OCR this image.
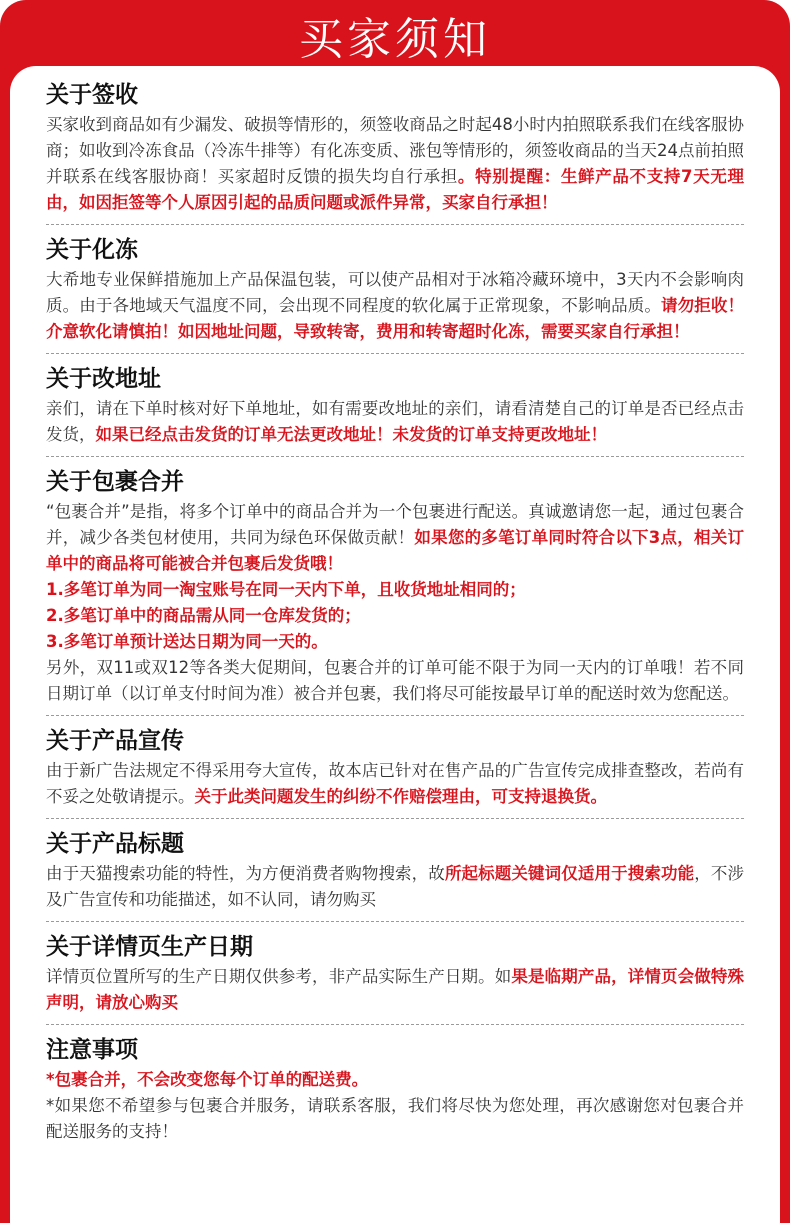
买家须知
关于签收

买家收到商品如有少漏发、破损等情形的，须签收商品之时起48小时内拍照联系我们在线客服协商；如收到冷冻食品（冷冻牛排等）有化冻变质、涨包等情形的，须签收商品的当天24点前拍照并联系在线客服协商！买家超时反馈的损失均自行承担。特别提醒：生鲜产品不支持7天无理由，如因拒签等个人原因引起的品质问题或派件异常，买家自行承担！

关于化冻

大希地专业保鲜措施加上产品保温包装，可以使产品相对于冰箱冷藏环境中，3天内不会影响肉质。由于各地域天气温度不同，会出现不同程度的软化属于正常现象，不影响品质。请勿拒收！介意软化请慎拍！如因地址问题，导致转寄，费用和转寄超时化冻，需要买家自行承担！

关于改地址

亲们，请在下单时核对好下单地址，如有需要改地址的亲们，请看清楚自己的订单是否已经点击发货，如果已经点击发货的订单无法更改地址！未发货的订单支持更改地址！

关于包裹合并

“包裹合并”是指，将多个订单中的商品合并为一个包裹进行配送。真诚邀请您一起，通过包裹合并，减少各类包材使用，共同为绿色环保做贡献！如果您的多笔订单同时符合以下3点，相关订单中的商品将可能被合并包裹后发货哦！

1.多笔订单为同一淘宝账号在同一天内下单，且收货地址相同的；

2.多笔订单中的商品需从同一仓库发货的；

3.多笔订单预计送达日期为同一天的。

另外，双11或双12等各类大促期间，包裹合并的订单可能不限于为同一天内的订单哦！若不同日期订单（以订单支付时间为准）被合并包裹，我们将尽可能按最早订单的配送时效为您配送。

关于产品宣传

由于新广告法规定不得采用夸大宣传，故本店已针对在售产品的广告宣传完成排查整改，若尚有不妥之处敬请提示。关于此类问题发生的纠纷不作赔偿理由，可支持退换货。

关于产品标题

由于天猫搜索功能的特性，为方便消费者购物搜索，故所起标题关键词仅适用于搜索功能，不涉及广告宣传和功能描述，如不认同，请勿购买

关于详情页生产日期

详情页位置所写的生产日期仅供参考，非产品实际生产日期。如果是临期产品，详情页会做特殊声明，请放心购买

注意事项

*包裹合并，不会改变您每个订单的配送费。

*如果您不希望参与包裹合并服务，请联系客服，我们将尽快为您处理，再次感谢您对包裹合并配送服务的支持！
